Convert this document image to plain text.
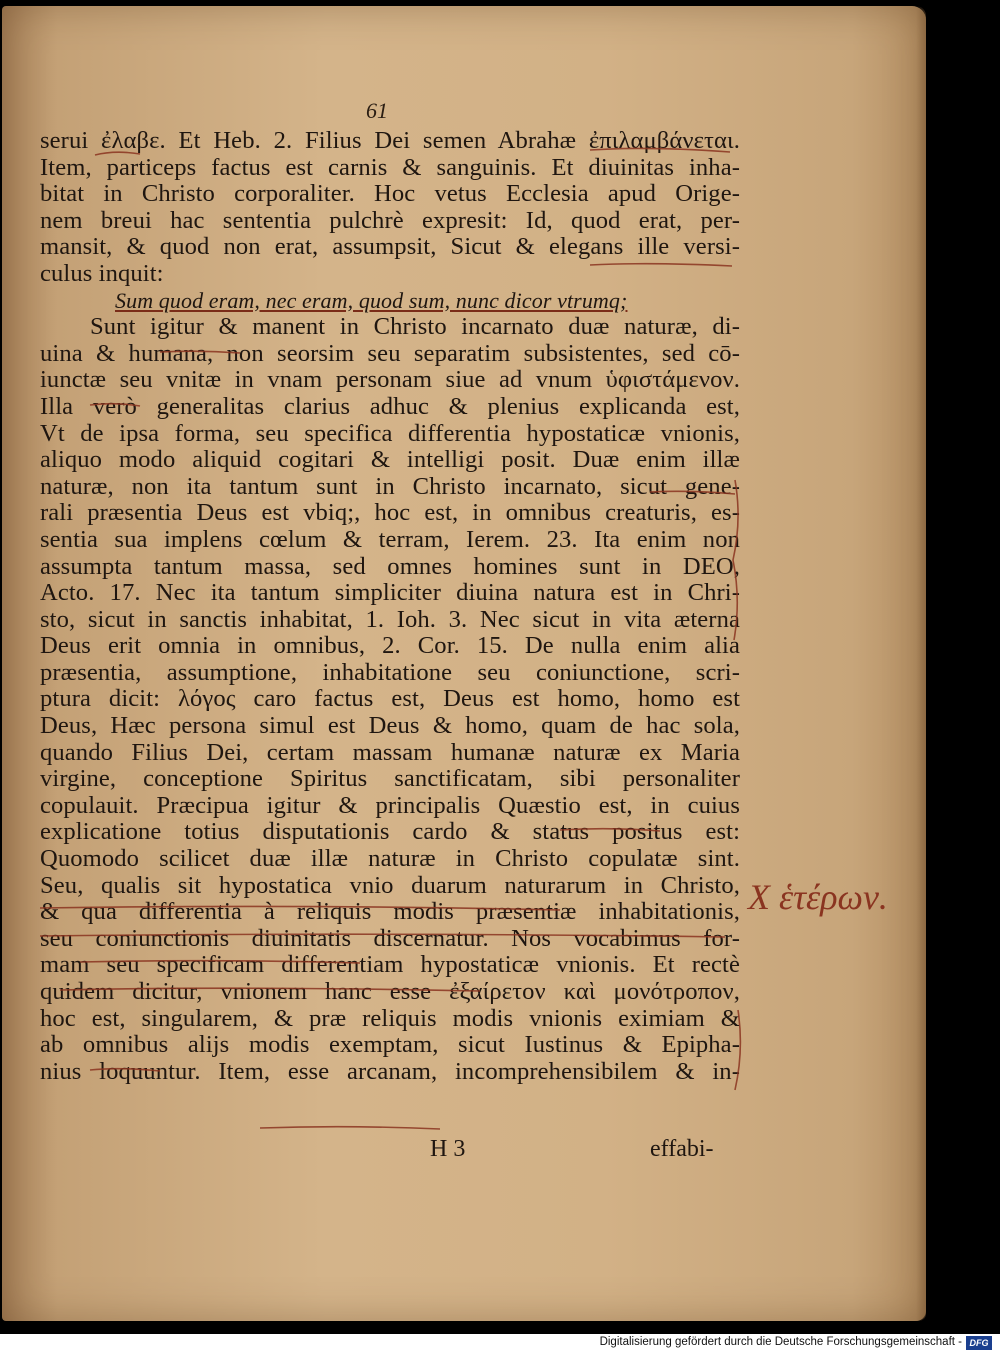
61
serui ἐλαβε. Et Heb. 2. Filius Dei semen Abrahæ ἐπιλαμβάνεται.
Item, particeps factus est carnis & sanguinis. Et diuinitas inha-
bitat in Christo corporaliter. Hoc vetus Ecclesia apud Orige-
nem breui hac sententia pulchrè expresit: Id, quod erat, per-
mansit, & quod non erat, assumpsit, Sicut & elegans ille versi-
culus inquit:
Sum quod eram, nec eram, quod sum, nunc dicor vtrumq;
Sunt igitur & manent in Christo incarnato duæ naturæ, di-
uina & humana, non seorsim seu separatim subsistentes, sed cō-
iunctæ seu vnitæ in vnam personam siue ad vnum ὑφιστάμενον.
Illa verò generalitas clarius adhuc & plenius explicanda est,
Vt de ipsa forma, seu specifica differentia hypostaticæ vnionis,
aliquo modo aliquid cogitari & intelligi posit. Duæ enim illæ
naturæ, non ita tantum sunt in Christo incarnato, sicut gene-
rali præsentia Deus est vbiq;, hoc est, in omnibus creaturis, es-
sentia sua implens cœlum & terram, Ierem. 23. Ita enim non
assumpta tantum massa, sed omnes homines sunt in DEO,
Acto. 17. Nec ita tantum simpliciter diuina natura est in Chri-
sto, sicut in sanctis inhabitat, 1. Ioh. 3. Nec sicut in vita æterna
Deus erit omnia in omnibus, 2. Cor. 15. De nulla enim alia
præsentia, assumptione, inhabitatione seu coniunctione, scri-
ptura dicit: λόγος caro factus est, Deus est homo, homo est
Deus, Hæc persona simul est Deus & homo, quam de hac sola,
quando Filius Dei, certam massam humanæ naturæ ex Maria
virgine, conceptione Spiritus sanctificatam, sibi personaliter
copulauit. Præcipua igitur & principalis Quæstio est, in cuius
explicatione totius disputationis cardo & status positus est:
Quomodo scilicet duæ illæ naturæ in Christo copulatæ sint.
Seu, qualis sit hypostatica vnio duarum naturarum in Christo,
& qua differentia à reliquis modis præsentiæ inhabitationis,
seu coniunctionis diuinitatis discernatur. Nos vocabimus for-
mam seu specificam differentiam hypostaticæ vnionis. Et rectè
quidem dicitur, vnionem hanc esse ἐξαίρετον καὶ μονότροπον,
hoc est, singularem, & præ reliquis modis vnionis eximiam &
ab omnibus alijs modis exemptam, sicut Iustinus & Epipha-
nius loquuntur. Item, esse arcanam, incomprehensibilem & in-
X ἑτέρων.
H 3	effabi-
Digitalisierung gefördert durch die Deutsche Forschungsgemeinschaft - DFG
